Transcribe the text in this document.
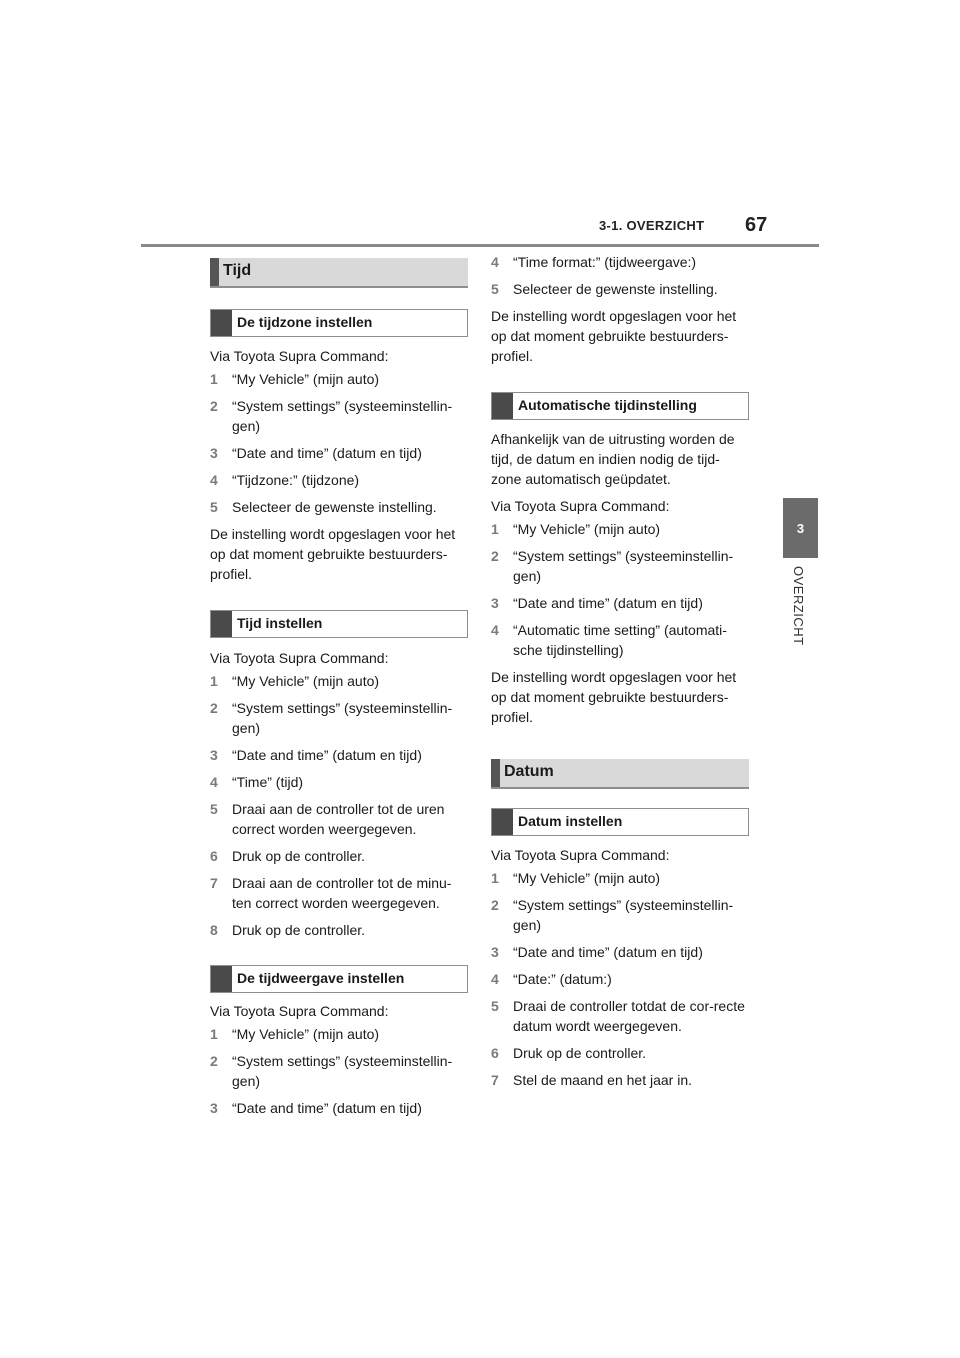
3-1. OVERZICHT 67
3
OVERZICHT
Tijd
De tijdzone instellen

Via Toyota Supra Command:

1 “My Vehicle” (mijn auto)
2 “System settings” (systeeminstellin-gen)
3 “Date and time” (datum en tijd)
4 “Tijdzone:” (tijdzone)
5 Selecteer de gewenste instelling.

De instelling wordt opgeslagen voor het op dat moment gebruikte bestuurders-profiel.

Tijd instellen

Via Toyota Supra Command:

1 “My Vehicle” (mijn auto)
2 “System settings” (systeeminstellin-gen)
3 “Date and time” (datum en tijd)
4 “Time” (tijd)
5 Draai aan de controller tot de uren correct worden weergegeven.
6 Druk op de controller.
7 Draai aan de controller tot de minu-ten correct worden weergegeven.
8 Druk op de controller.
De tijdweergave instellen

Via Toyota Supra Command:

1 “My Vehicle” (mijn auto)
2 “System settings” (systeeminstellin-gen)
3 “Date and time” (datum en tijd)
4 “Time format:” (tijdweergave:)
5 Selecteer de gewenste instelling.

De instelling wordt opgeslagen voor het op dat moment gebruikte bestuurders-profiel.

Automatische tijdinstelling

Afhankelijk van de uitrusting worden de tijd, de datum en indien nodig de tijd-zone automatisch geüpdatet.

Via Toyota Supra Command:

1 “My Vehicle” (mijn auto)
2 “System settings” (systeeminstellin-gen)
3 “Date and time” (datum en tijd)
4 “Automatic time setting” (automati-sche tijdinstelling)

De instelling wordt opgeslagen voor het op dat moment gebruikte bestuurders-profiel.

Datum
Datum instellen

Via Toyota Supra Command:

1 “My Vehicle” (mijn auto)
2 “System settings” (systeeminstellin-gen)
3 “Date and time” (datum en tijd)
4 “Date:” (datum:)
5 Draai de controller totdat de cor-recte datum wordt weergegeven.
6 Druk op de controller.
7 Stel de maand en het jaar in.
